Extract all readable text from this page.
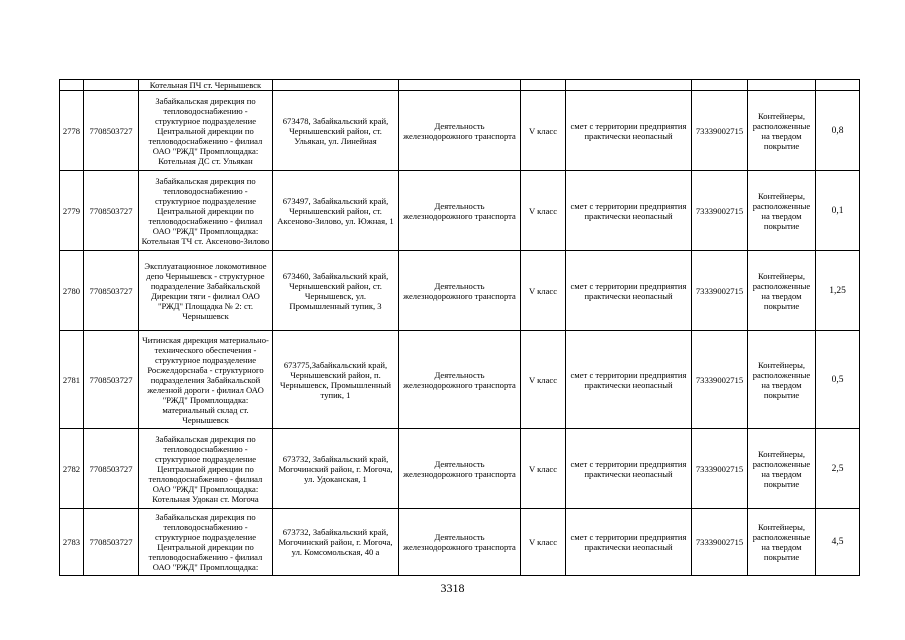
		Котельная ПЧ ст. Чернышевск							
2778	7708503727	Забайкальская дирекция по тепловодоснабжению - структурное подразделение Центральной дирекции по тепловодоснабжению - филиал ОАО "РЖД" Промплощадка: Котельная ДС ст. Ульякан	673478, Забайкальский край, Чернышевский район, ст. Ульякан, ул. Линейная	Деятельность железнодорожного транспорта	V класс	смет с территории предприятия практически неопасный	73339002715	Контейнеры, расположенные на твердом покрытие	0,8
2779	7708503727	Забайкальская дирекция по тепловодоснабжению - структурное подразделение Центральной дирекции по тепловодоснабжению - филиал ОАО "РЖД" Промплощадка: Котельная ТЧ ст. Аксеново-Зиловo	673497, Забайкальский край, Чернышевский район, ст. Аксеново-Зилово, ул. Южная, 1	Деятельность железнодорожного транспорта	V класс	смет с территории предприятия практически неопасный	73339002715	Контейнеры, расположенные на твердом покрытие	0,1
2780	7708503727	Эксплуатационное локомотивное депо Чернышевск - структурное подразделение Забайкальской Дирекции тяги - филиал ОАО "РЖД" Площадка № 2: ст. Чернышевск	673460, Забайкальский край, Чернышевский район, ст. Чернышевск, ул. Промышленный тупик, 3	Деятельность железнодорожного транспорта	V класс	смет с территории предприятия практически неопасный	73339002715	Контейнеры, расположенные на твердом покрытие	1,25
2781	7708503727	Читинская дирекция материально-технического обеспечения - структурное подразделение Росжелдорснаба - структурного подразделения Забайкальской железной дороги - филиал ОАО "РЖД" Промплощадка: материальный склад ст. Чернышевск	673775,Забайкальский край, Чернышевский район, п. Чернышевск, Промышленный тупик, 1	Деятельность железнодорожного транспорта	V класс	смет с территории предприятия практически неопасный	73339002715	Контейнеры, расположенные на твердом покрытие	0,5
2782	7708503727	Забайкальская дирекция по тепловодоснабжению - структурное подразделение Центральной дирекции по тепловодоснабжению - филиал ОАО "РЖД" Промплощадка: Котельная Удокан ст. Могоча	673732, Забайкальский край, Могочинский район, г. Могоча, ул. Удоканская, 1	Деятельность железнодорожного транспорта	V класс	смет с территории предприятия практически неопасный	73339002715	Контейнеры, расположенные на твердом покрытие	2,5
2783	7708503727	Забайкальская дирекция по тепловодоснабжению - структурное подразделение Центральной дирекции по тепловодоснабжению - филиал ОАО "РЖД" Промплощадка:	673732, Забайкальский край, Могочинский район, г. Могоча, ул. Комсомольская, 40 а	Деятельность железнодорожного транспорта	V класс	смет с территории предприятия практически неопасный	73339002715	Контейнеры, расположенные на твердом покрытие	4,5
3318
